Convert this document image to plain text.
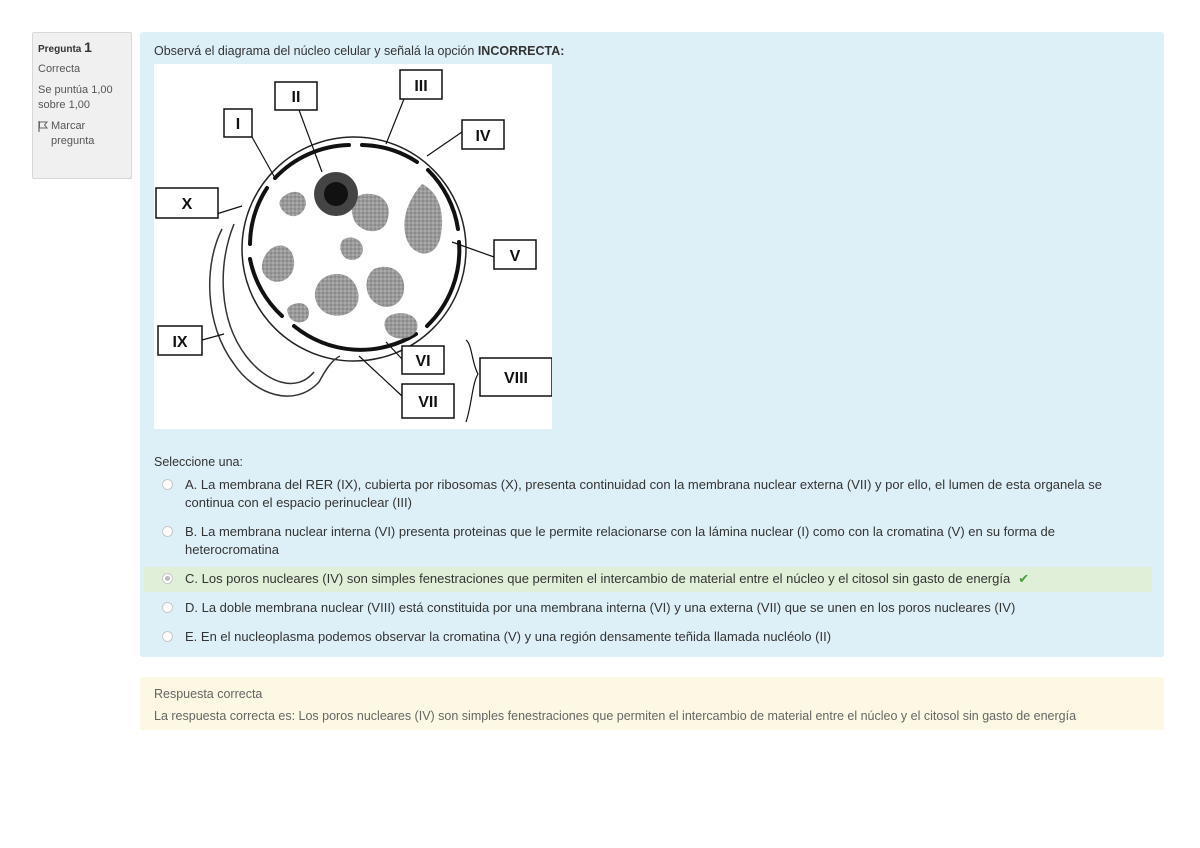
Pregunta 1
Correcta
Se puntúa 1,00
sobre 1,00
Marcar
pregunta
Observá el diagrama del núcleo celular y señalá la opción INCORRECTA:
I
II
III
IV
V
VI
VII
VIII
IX
X
Seleccione una:
A. La membrana del RER (IX), cubierta por ribosomas (X), presenta continuidad con la membrana nuclear externa (VII) y por ello, el lumen de esta organela se continua con el espacio perinuclear (III)
B. La membrana nuclear interna (VI) presenta proteinas que le permite relacionarse con la lámina nuclear (I) como con la cromatina (V) en su forma de heterocromatina
C. Los poros nucleares (IV) son simples fenestraciones que permiten el intercambio de material entre el núcleo y el citosol sin gasto de energía ✔
D. La doble membrana nuclear (VIII) está constituida por una membrana interna (VI) y una externa (VII) que se unen en los poros nucleares (IV)
E. En el nucleoplasma podemos observar la cromatina (V) y una región densamente teñida llamada nucléolo (II)
Respuesta correcta
La respuesta correcta es: Los poros nucleares (IV) son simples fenestraciones que permiten el intercambio de material entre el núcleo y el citosol sin gasto de energía
